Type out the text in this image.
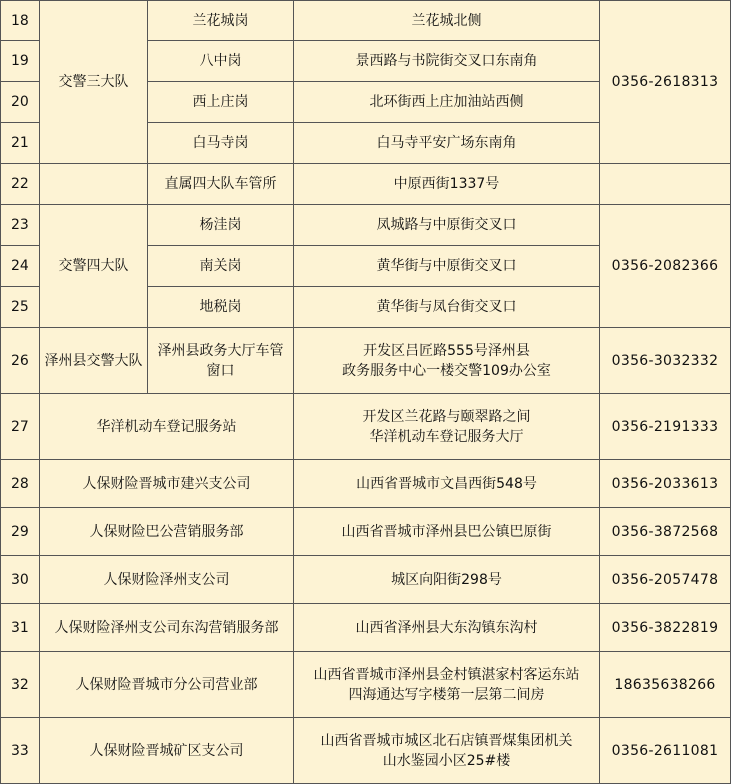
18	交警三大队	兰花城岗	兰花城北侧	0356-2618313
19		八中岗	景西路与书院街交叉口东南角	
20		西上庄岗	北环街西上庄加油站西侧	
21		白马寺岗	白马寺平安广场东南角	
22		直属四大队车管所	中原西街1337号	
23	交警四大队	杨洼岗	凤城路与中原街交叉口	0356-2082366
24		南关岗	黄华街与中原街交叉口	
25		地税岗	黄华街与凤台街交叉口	
26	泽州县交警大队	泽州县政务大厅车管
窗口	开发区吕匠路555号泽州县
政务服务中心一楼交警109办公室	0356-3032332
27	华洋机动车登记服务站		开发区兰花路与颐翠路之间
华洋机动车登记服务大厅	0356-2191333
28	人保财险晋城市建兴支公司		山西省晋城市文昌西街548号	0356-2033613
29	人保财险巴公营销服务部		山西省晋城市泽州县巴公镇巴原街	0356-3872568
30	人保财险泽州支公司		城区向阳街298号	0356-2057478
31	人保财险泽州支公司东沟营销服务部		山西省泽州县大东沟镇东沟村	0356-3822819
32	人保财险晋城市分公司营业部		山西省晋城市泽州县金村镇湛家村客运东站
四海通达写字楼第一层第二间房	18635638266
33	人保财险晋城矿区支公司		山西省晋城市城区北石店镇晋煤集团机关
山水鉴园小区25#楼	0356-2611081
